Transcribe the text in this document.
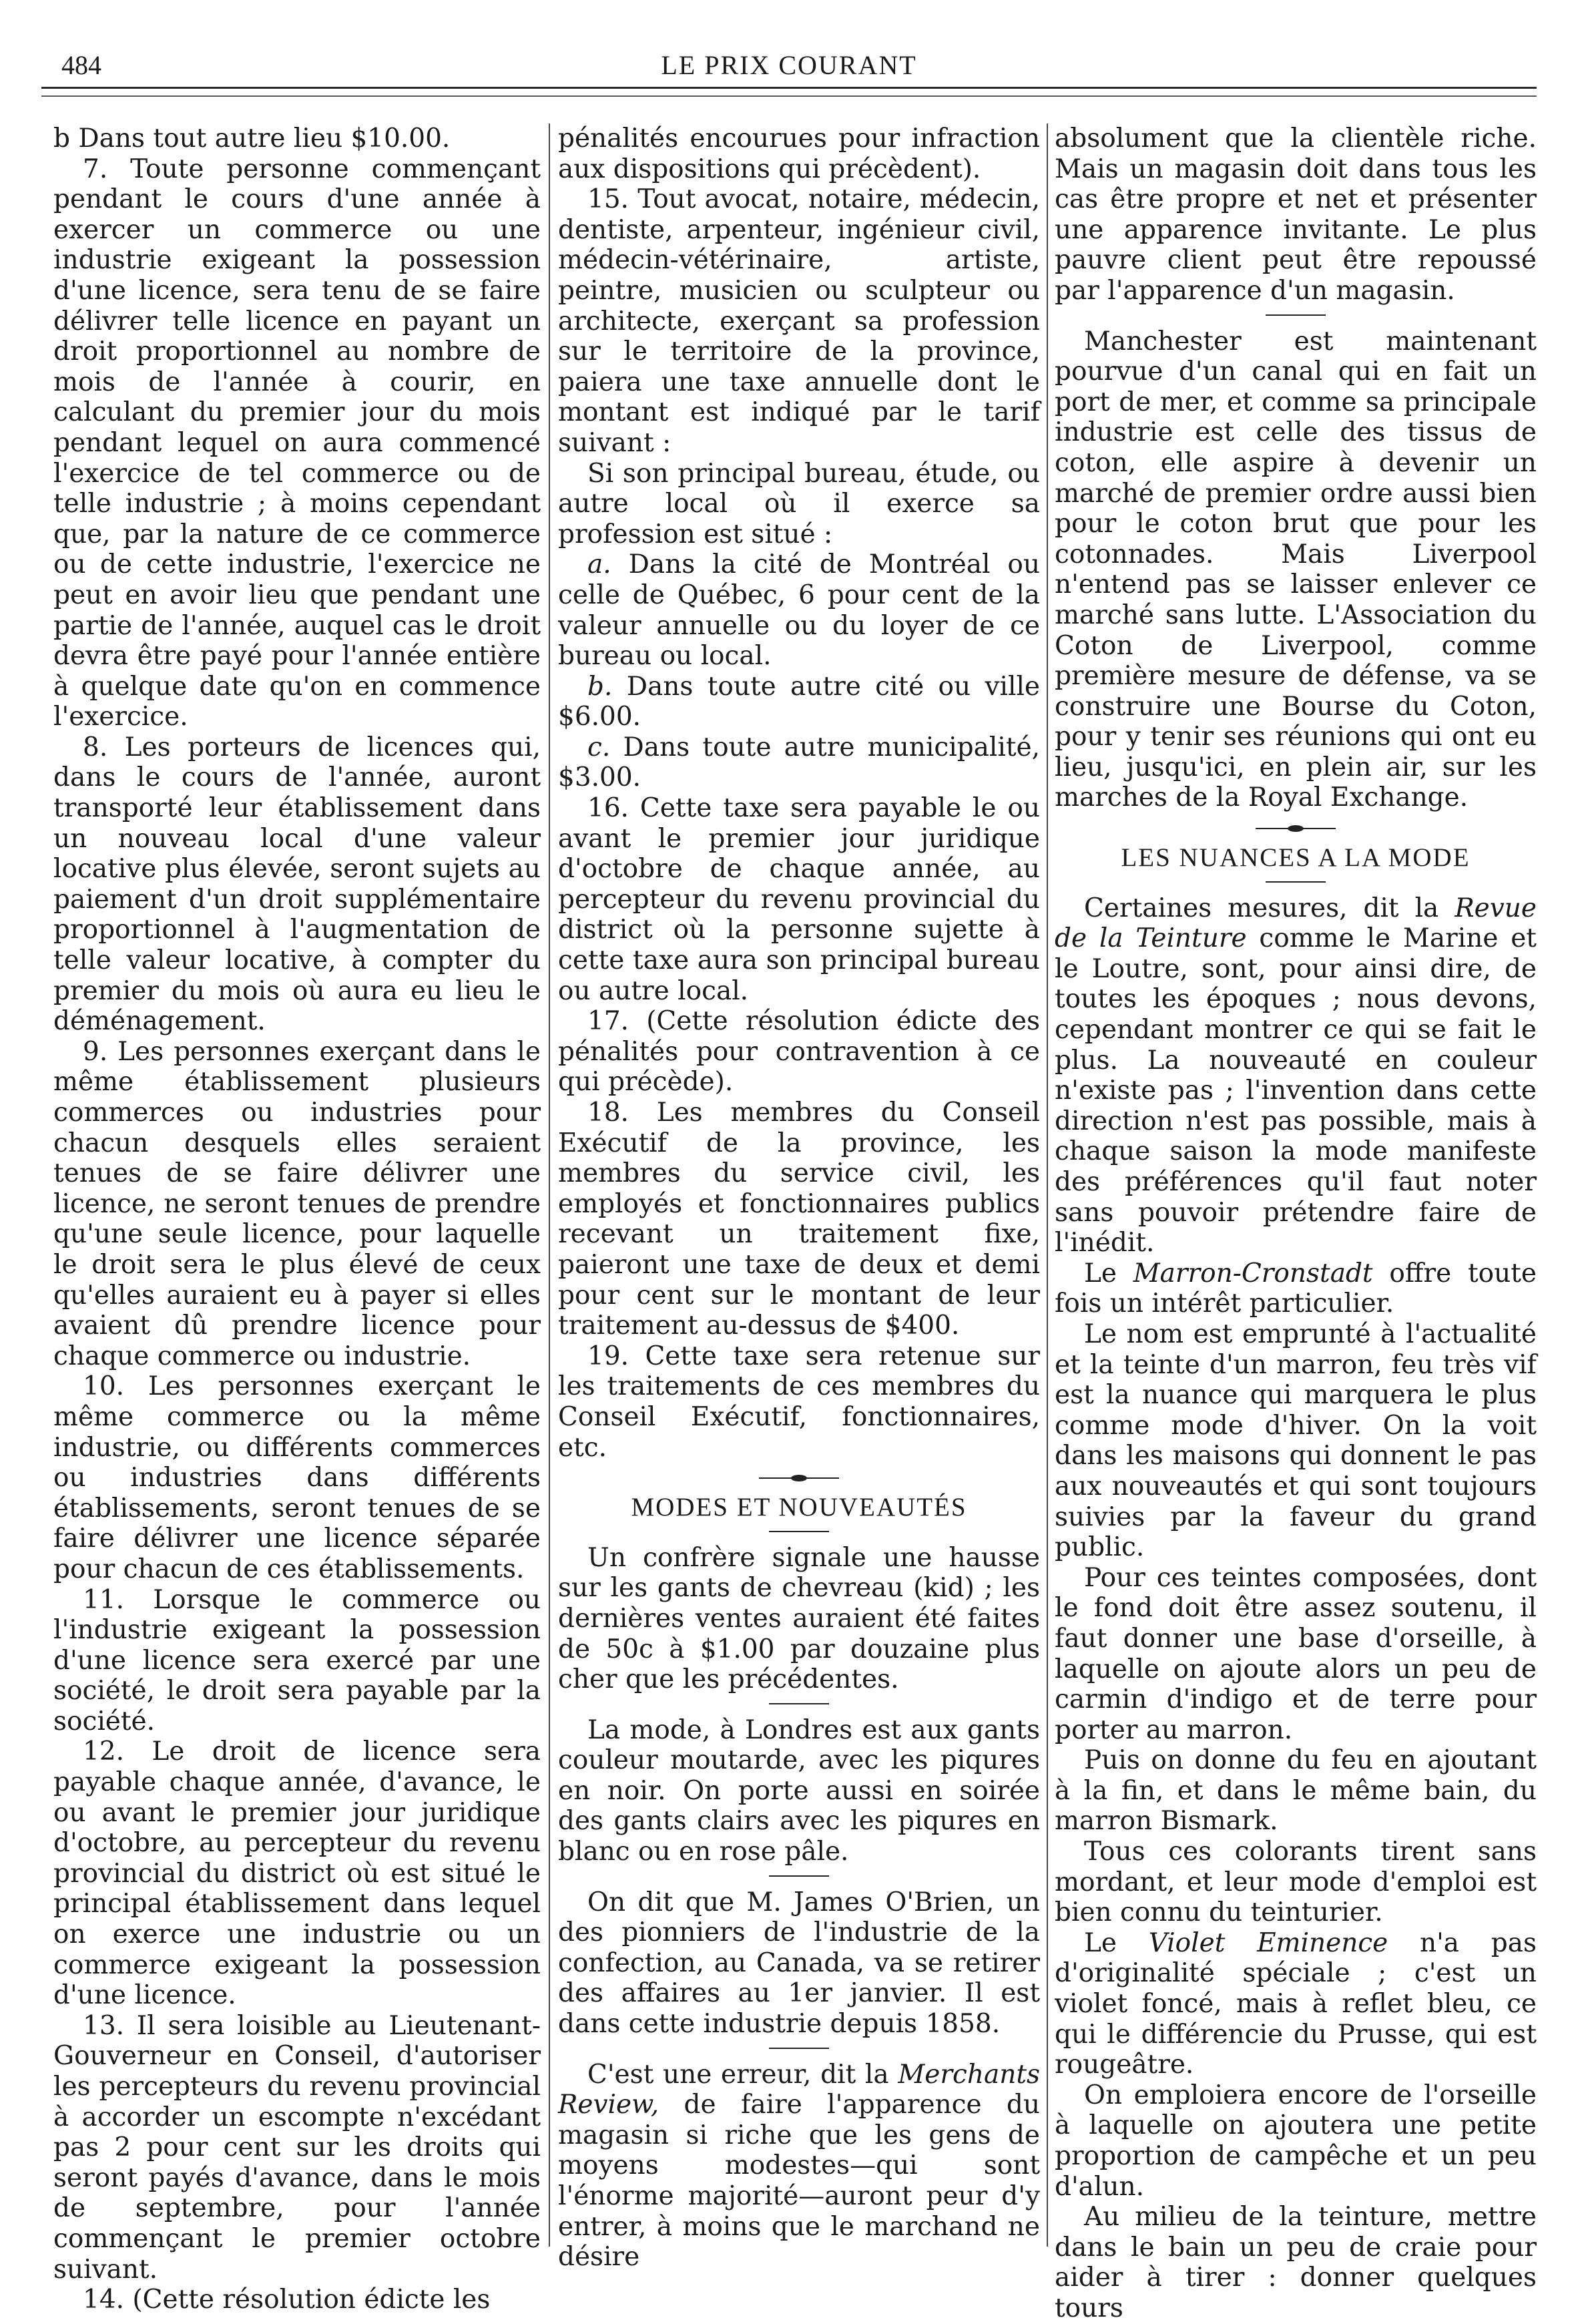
484	LE PRIX COURANT

b Dans tout autre lieu $10.00.

7. Toute personne commençant pendant le cours d'une année à exercer un commerce ou une industrie exigeant la possession d'une licence, sera tenu de se faire délivrer telle licence en payant un droit proportionnel au nombre de mois de l'année à courir, en calculant du premier jour du mois pendant lequel on aura commencé l'exercice de tel commerce ou de telle industrie ; à moins cependant que, par la nature de ce commerce ou de cette industrie, l'exercice ne peut en avoir lieu que pendant une partie de l'année, auquel cas le droit devra être payé pour l'année entière à quelque date qu'on en commence l'exercice.

8. Les porteurs de licences qui, dans le cours de l'année, auront transporté leur établissement dans un nouveau local d'une valeur locative plus élevée, seront sujets au paiement d'un droit supplémentaire proportionnel à l'augmentation de telle valeur locative, à compter du premier du mois où aura eu lieu le déménagement.

9. Les personnes exerçant dans le même établissement plusieurs commerces ou industries pour chacun desquels elles seraient tenues de se faire délivrer une licence, ne seront tenues de prendre qu'une seule licence, pour laquelle le droit sera le plus élevé de ceux qu'elles auraient eu à payer si elles avaient dû prendre licence pour chaque commerce ou industrie.

10. Les personnes exerçant le même commerce ou la même industrie, ou différents commerces ou industries dans différents établissements, seront tenues de se faire délivrer une licence séparée pour chacun de ces établissements.

11. Lorsque le commerce ou l'industrie exigeant la possession d'une licence sera exercé par une société, le droit sera payable par la société.

12. Le droit de licence sera payable chaque année, d'avance, le ou avant le premier jour juridique d'octobre, au percepteur du revenu provincial du district où est situé le principal établissement dans lequel on exerce une industrie ou un commerce exigeant la possession d'une licence.

13. Il sera loisible au Lieutenant-Gouverneur en Conseil, d'autoriser les percepteurs du revenu provincial à accorder un escompte n'excédant pas 2 pour cent sur les droits qui seront payés d'avance, dans le mois de septembre, pour l'année commençant le premier octobre suivant.

14. (Cette résolution édicte les

pénalités encourues pour infraction aux dispositions qui précèdent).

15. Tout avocat, notaire, médecin, dentiste, arpenteur, ingénieur civil, médecin-vétérinaire, artiste, peintre, musicien ou sculpteur ou architecte, exerçant sa profession sur le territoire de la province, paiera une taxe annuelle dont le montant est indiqué par le tarif suivant :

Si son principal bureau, étude, ou autre local où il exerce sa profession est situé :

a. Dans la cité de Montréal ou celle de Québec, 6 pour cent de la valeur annuelle ou du loyer de ce bureau ou local.

b. Dans toute autre cité ou ville $6.00.

c. Dans toute autre municipalité, $3.00.

16. Cette taxe sera payable le ou avant le premier jour juridique d'octobre de chaque année, au percepteur du revenu provincial du district où la personne sujette à cette taxe aura son principal bureau ou autre local.

17. (Cette résolution édicte des pénalités pour contravention à ce qui précède).

18. Les membres du Conseil Exécutif de la province, les membres du service civil, les employés et fonctionnaires publics recevant un traitement fixe, paieront une taxe de deux et demi pour cent sur le montant de leur traitement au-dessus de $400.

19. Cette taxe sera retenue sur les traitements de ces membres du Conseil Exécutif, fonctionnaires, etc.

MODES ET NOUVEAUTÉS

Un confrère signale une hausse sur les gants de chevreau (kid) ; les dernières ventes auraient été faites de 50c à $1.00 par douzaine plus cher que les précédentes.

La mode, à Londres est aux gants couleur moutarde, avec les piqures en noir. On porte aussi en soirée des gants clairs avec les piqures en blanc ou en rose pâle.

On dit que M. James O'Brien, un des pionniers de l'industrie de la confection, au Canada, va se retirer des affaires au 1er janvier. Il est dans cette industrie depuis 1858.

C'est une erreur, dit la Merchants Review, de faire l'apparence du magasin si riche que les gens de moyens modestes—qui sont l'énorme majorité—auront peur d'y entrer, à moins que le marchand ne désire

absolument que la clientèle riche. Mais un magasin doit dans tous les cas être propre et net et présenter une apparence invitante. Le plus pauvre client peut être repoussé par l'apparence d'un magasin.

Manchester est maintenant pourvue d'un canal qui en fait un port de mer, et comme sa principale industrie est celle des tissus de coton, elle aspire à devenir un marché de premier ordre aussi bien pour le coton brut que pour les cotonnades. Mais Liverpool n'entend pas se laisser enlever ce marché sans lutte. L'Association du Coton de Liverpool, comme première mesure de défense, va se construire une Bourse du Coton, pour y tenir ses réunions qui ont eu lieu, jusqu'ici, en plein air, sur les marches de la Royal Exchange.

LES NUANCES A LA MODE

Certaines mesures, dit la Revue de la Teinture comme le Marine et le Loutre, sont, pour ainsi dire, de toutes les époques ; nous devons, cependant montrer ce qui se fait le plus. La nouveauté en couleur n'existe pas ; l'invention dans cette direction n'est pas possible, mais à chaque saison la mode manifeste des préférences qu'il faut noter sans pouvoir prétendre faire de l'inédit.

Le Marron-Cronstadt offre toute fois un intérêt particulier.

Le nom est emprunté à l'actualité et la teinte d'un marron, feu très vif est la nuance qui marquera le plus comme mode d'hiver. On la voit dans les maisons qui donnent le pas aux nouveautés et qui sont toujours suivies par la faveur du grand public.

Pour ces teintes composées, dont le fond doit être assez soutenu, il faut donner une base d'orseille, à laquelle on ajoute alors un peu de carmin d'indigo et de terre pour porter au marron.

Puis on donne du feu en ajoutant à la fin, et dans le même bain, du marron Bismark.

Tous ces colorants tirent sans mordant, et leur mode d'emploi est bien connu du teinturier.

Le Violet Eminence n'a pas d'originalité spéciale ; c'est un violet foncé, mais à reflet bleu, ce qui le différencie du Prusse, qui est rougeâtre.

On emploiera encore de l'orseille à laquelle on ajoutera une petite proportion de campêche et un peu d'alun.

Au milieu de la teinture, mettre dans le bain un peu de craie pour aider à tirer : donner quelques tours
